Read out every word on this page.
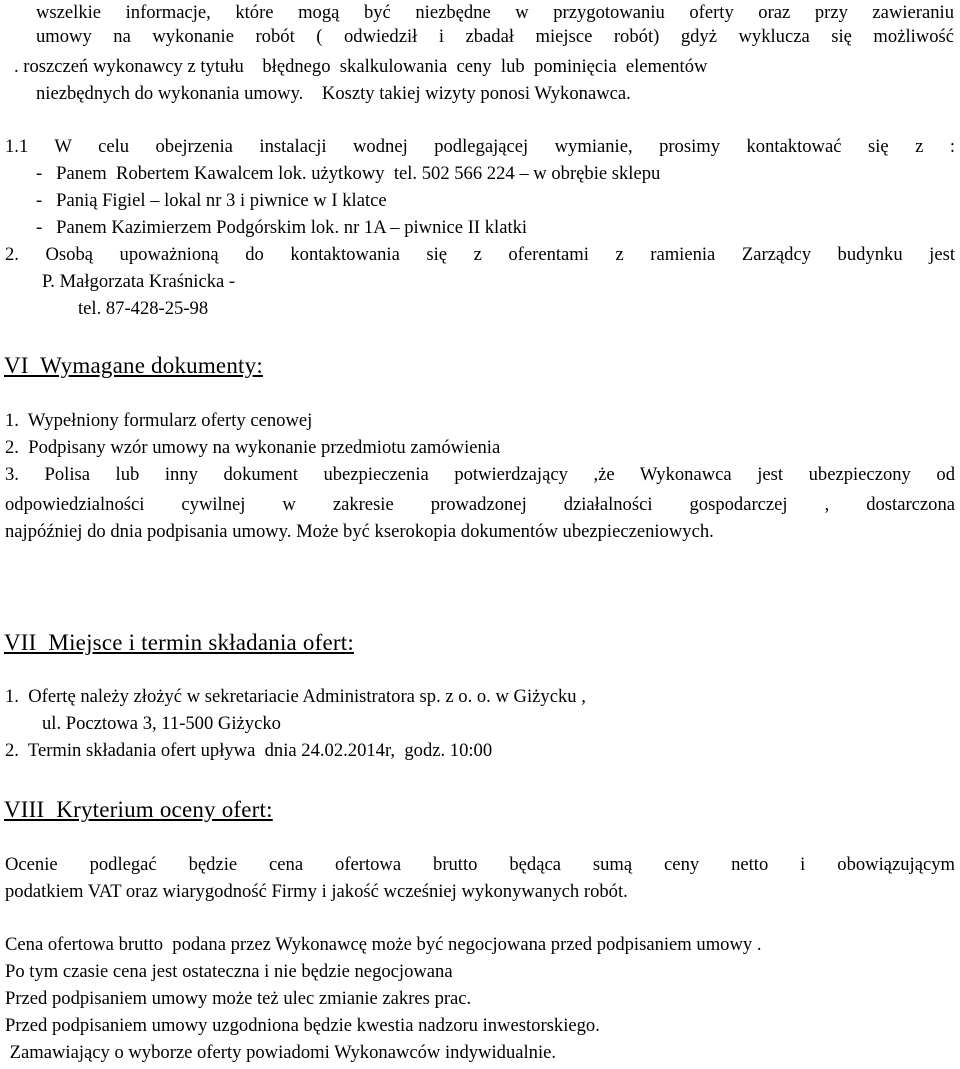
wszelkie informacje, które mogą być niezbędne w przygotowaniu oferty oraz przy zawieraniu
umowy na wykonanie robót ( odwiedził i zbadał miejsce robót) gdyż wyklucza się możliwość
. roszczeń wykonawcy z tytułu    błędnego  skalkulowania  ceny  lub  pominięcia  elementów
niezbędnych do wykonania umowy.    Koszty takiej wizyty ponosi Wykonawca.
1.1 W celu obejrzenia instalacji wodnej podlegającej wymianie, prosimy kontaktować się z :
-   Panem  Robertem Kawalcem lok. użytkowy  tel. 502 566 224 – w obrębie sklepu
-   Panią Figiel – lokal nr 3 i piwnice w I klatce
-   Panem Kazimierzem Podgórskim lok. nr 1A – piwnice II klatki
2. Osobą upoważnioną do kontaktowania się z oferentami z ramienia Zarządcy budynku jest
P. Małgorzata Kraśnicka -
tel. 87-428-25-98
VI  Wymagane dokumenty:
1.  Wypełniony formularz oferty cenowej
2.  Podpisany wzór umowy na wykonanie przedmiotu zamówienia
3. Polisa lub inny dokument ubezpieczenia potwierdzający ,że Wykonawca jest ubezpieczony od
odpowiedzialności cywilnej w zakresie prowadzonej działalności gospodarczej , dostarczona
najpóźniej do dnia podpisania umowy. Może być kserokopia dokumentów ubezpieczeniowych.
VII  Miejsce i termin składania ofert:
1.  Ofertę należy złożyć w sekretariacie Administratora sp. z o. o. w Giżycku ,
ul. Pocztowa 3, 11-500 Giżycko
2.  Termin składania ofert upływa  dnia 24.02.2014r,  godz. 10:00
VIII  Kryterium oceny ofert:
Ocenie podlegać będzie cena ofertowa brutto będąca sumą ceny netto i obowiązującym
podatkiem VAT oraz wiarygodność Firmy i jakość wcześniej wykonywanych robót.
Cena ofertowa brutto  podana przez Wykonawcę może być negocjowana przed podpisaniem umowy .
Po tym czasie cena jest ostateczna i nie będzie negocjowana
Przed podpisaniem umowy może też ulec zmianie zakres prac.
Przed podpisaniem umowy uzgodniona będzie kwestia nadzoru inwestorskiego.
Zamawiający o wyborze oferty powiadomi Wykonawców indywidualnie.
